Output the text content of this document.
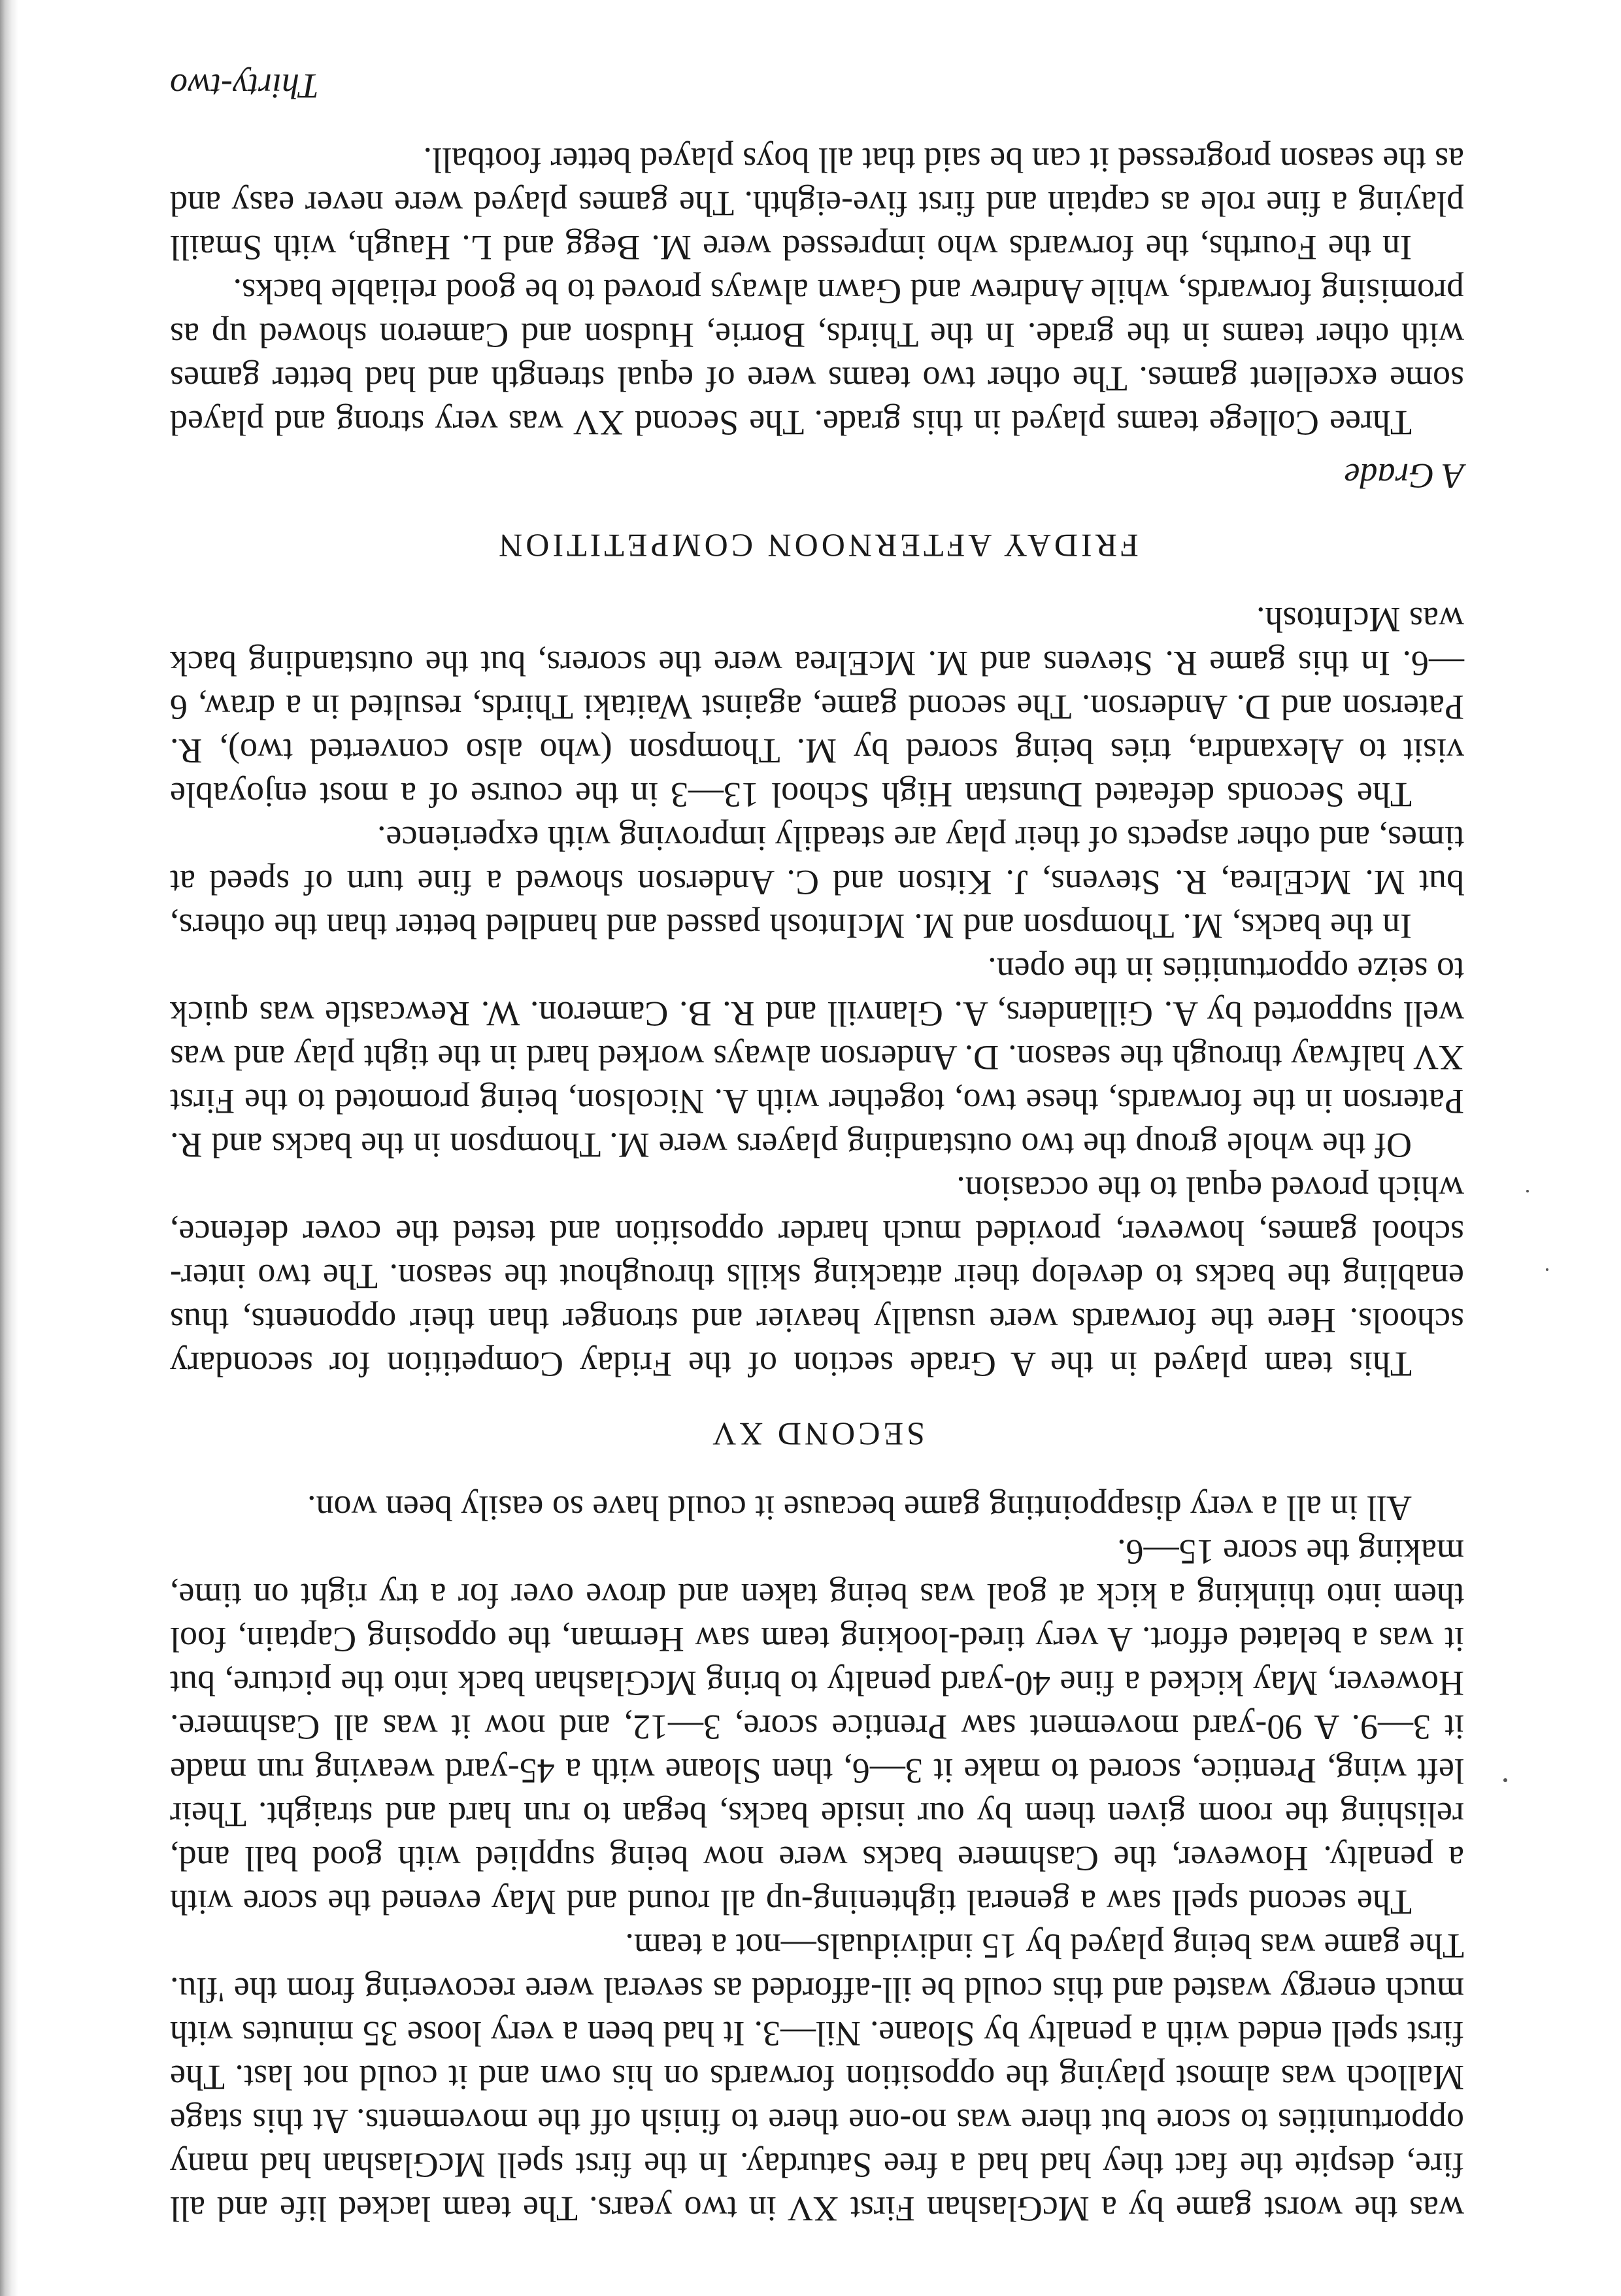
was the worst game by a McGlashan First XV in two years. The team lacked life and all fire, despite the fact they had had a free Saturday. In the first spell McGlashan had many opportunities to score but there was no-one there to finish off the movements. At this stage Malloch was almost playing the opposition forwards on his own and it could not last. The first spell ended with a penalty by Sloane. Nil—3. It had been a very loose 35 minutes with much energy wasted and this could be ill-afforded as several were recovering from the 'flu. The game was being played by 15 individuals—not a team.

The second spell saw a general tightening-up all round and May evened the score with a penalty. However, the Cashmere backs were now being supplied with good ball and, relishing the room given them by our inside backs, began to run hard and straight. Their left wing, Prentice, scored to make it 3—6, then Sloane with a 45-yard weaving run made it 3—9. A 90-yard movement saw Prentice score, 3—12, and now it was all Cashmere. However, May kicked a fine 40-yard penalty to bring McGlashan back into the picture, but it was a belated effort. A very tired-looking team saw Herman, the opposing Captain, fool them into thinking a kick at goal was being taken and drove over for a try right on time, making the score 15—6.

All in all a very disappointing game because it could have so easily been won.

SECOND XV

This team played in the A Grade section of the Friday Competition for secondary schools. Here the forwards were usually heavier and stronger than their opponents, thus enabling the backs to develop their attacking skills throughout the season. The two inter-school games, however, provided much harder opposition and tested the cover defence, which proved equal to the occasion.

Of the whole group the two outstanding players were M. Thompson in the backs and R. Paterson in the forwards, these two, together with A. Nicolson, being promoted to the First XV halfway through the season. D. Anderson always worked hard in the tight play and was well supported by A. Gillanders, A. Glanvill and R. B. Cameron. W. Rewcastle was quick to seize opportunities in the open.

In the backs, M. Thompson and M. McIntosh passed and handled better than the others, but M. McElrea, R. Stevens, J. Kitson and C. Anderson showed a fine turn of speed at times, and other aspects of their play are steadily improving with experience.

The Seconds defeated Dunstan High School 13—3 in the course of a most enjoyable visit to Alexandra, tries being scored by M. Thompson (who also converted two), R. Paterson and D. Anderson. The second game, against Waitaki Thirds, resulted in a draw, 6—6. In this game R. Stevens and M. McElrea were the scorers, but the outstanding back was McIntosh.

FRIDAY AFTERNOON COMPETITION

A Grade

Three College teams played in this grade. The Second XV was very strong and played some excellent games. The other two teams were of equal strength and had better games with other teams in the grade. In the Thirds, Borrie, Hudson and Cameron showed up as promising forwards, while Andrew and Gawn always proved to be good reliable backs.

In the Fourths, the forwards who impressed were M. Begg and L. Haugh, with Smaill playing a fine role as captain and first five-eighth. The games played were never easy and as the season progressed it can be said that all boys played better football.

Thirty-two
